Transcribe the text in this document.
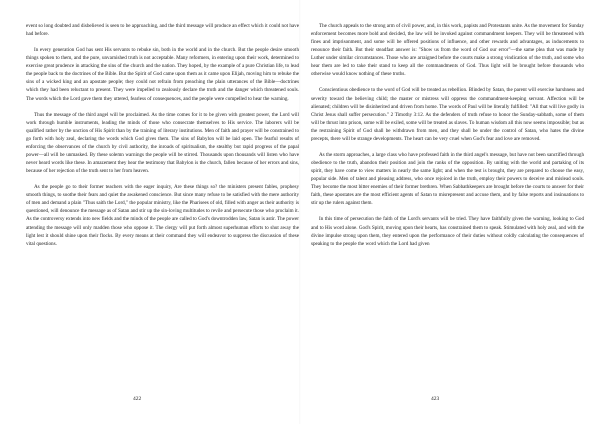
event so long doubted and disbelieved is seen to be approaching, and the third message will produce an effect which it could not have had before.

In every generation God has sent His servants to rebuke sin, both in the world and in the church. But the people desire smooth things spoken to them, and the pure, unvarnished truth is not acceptable. Many reformers, in entering upon their work, determined to exercise great prudence in attacking the sins of the church and the nation. They hoped, by the example of a pure Christian life, to lead the people back to the doctrines of the Bible. But the Spirit of God came upon them as it came upon Elijah, moving him to rebuke the sins of a wicked king and an apostate people; they could not refrain from preaching the plain utterances of the Bible—doctrines which they had been reluctant to present. They were impelled to zealously declare the truth and the danger which threatened souls. The words which the Lord gave them they uttered, fearless of consequences, and the people were compelled to hear the warning.

Thus the message of the third angel will be proclaimed. As the time comes for it to be given with greatest power, the Lord will work through humble instruments, leading the minds of those who consecrate themselves to His service. The laborers will be qualified rather by the unction of His Spirit than by the training of literary institutions. Men of faith and prayer will be constrained to go forth with holy zeal, declaring the words which God gives them. The sins of Babylon will be laid open. The fearful results of enforcing the observances of the church by civil authority, the inroads of spiritualism, the stealthy but rapid progress of the papal power—all will be unmasked. By these solemn warnings the people will be stirred. Thousands upon thousands will listen who have never heard words like these. In amazement they hear the testimony that Babylon is the church, fallen because of her errors and sins, because of her rejection of the truth sent to her from heaven.

As the people go to their former teachers with the eager inquiry, Are these things so? the ministers present fables, prophesy smooth things, to soothe their fears and quiet the awakened conscience. But since many refuse to be satisfied with the mere authority of men and demand a plain "Thus saith the Lord," the popular ministry, like the Pharisees of old, filled with anger as their authority is questioned, will denounce the message as of Satan and stir up the sin-loving multitudes to revile and persecute those who proclaim it. As the controversy extends into new fields and the minds of the people are called to God's downtrodden law, Satan is astir. The power attending the message will only madden those who oppose it. The clergy will put forth almost superhuman efforts to shut away the light lest it should shine upon their flocks. By every means at their command they will endeavor to suppress the discussion of these vital questions.

The church appeals to the strong arm of civil power, and, in this work, papists and Protestants unite. As the movement for Sunday enforcement becomes more bold and decided, the law will be invoked against commandment keepers. They will be threatened with fines and imprisonment, and some will be offered positions of influence, and other rewards and advantages, as inducements to renounce their faith. But their steadfast answer is: "Show us from the word of God our error"—the same plea that was made by Luther under similar circumstances. Those who are arraigned before the courts make a strong vindication of the truth, and some who hear them are led to take their stand to keep all the commandments of God. Thus light will be brought before thousands who otherwise would know nothing of these truths.

Conscientious obedience to the word of God will be treated as rebellion. Blinded by Satan, the parent will exercise harshness and severity toward the believing child; the master or mistress will oppress the commandment-keeping servant. Affection will be alienated; children will be disinherited and driven from home. The words of Paul will be literally fulfilled: "All that will live godly in Christ Jesus shall suffer persecution." 2 Timothy 3:12. As the defenders of truth refuse to honor the Sunday-sabbath, some of them will be thrust into prison, some will be exiled, some will be treated as slaves. To human wisdom all this now seems impossible; but as the restraining Spirit of God shall be withdrawn from men, and they shall be under the control of Satan, who hates the divine precepts, there will be strange developments. The heart can be very cruel when God's fear and love are removed.

As the storm approaches, a large class who have professed faith in the third angel's message, but have not been sanctified through obedience to the truth, abandon their position and join the ranks of the opposition. By uniting with the world and partaking of its spirit, they have come to view matters in nearly the same light; and when the test is brought, they are prepared to choose the easy, popular side. Men of talent and pleasing address, who once rejoiced in the truth, employ their powers to deceive and mislead souls. They become the most bitter enemies of their former brethren. When Sabbathkeepers are brought before the courts to answer for their faith, these apostates are the most efficient agents of Satan to misrepresent and accuse them, and by false reports and insinuations to stir up the rulers against them.

In this time of persecution the faith of the Lord's servants will be tried. They have faithfully given the warning, looking to God and to His word alone. God's Spirit, moving upon their hearts, has constrained them to speak. Stimulated with holy zeal, and with the divine impulse strong upon them, they entered upon the performance of their duties without coldly calculating the consequences of speaking to the people the word which the Lord had given

422	423
